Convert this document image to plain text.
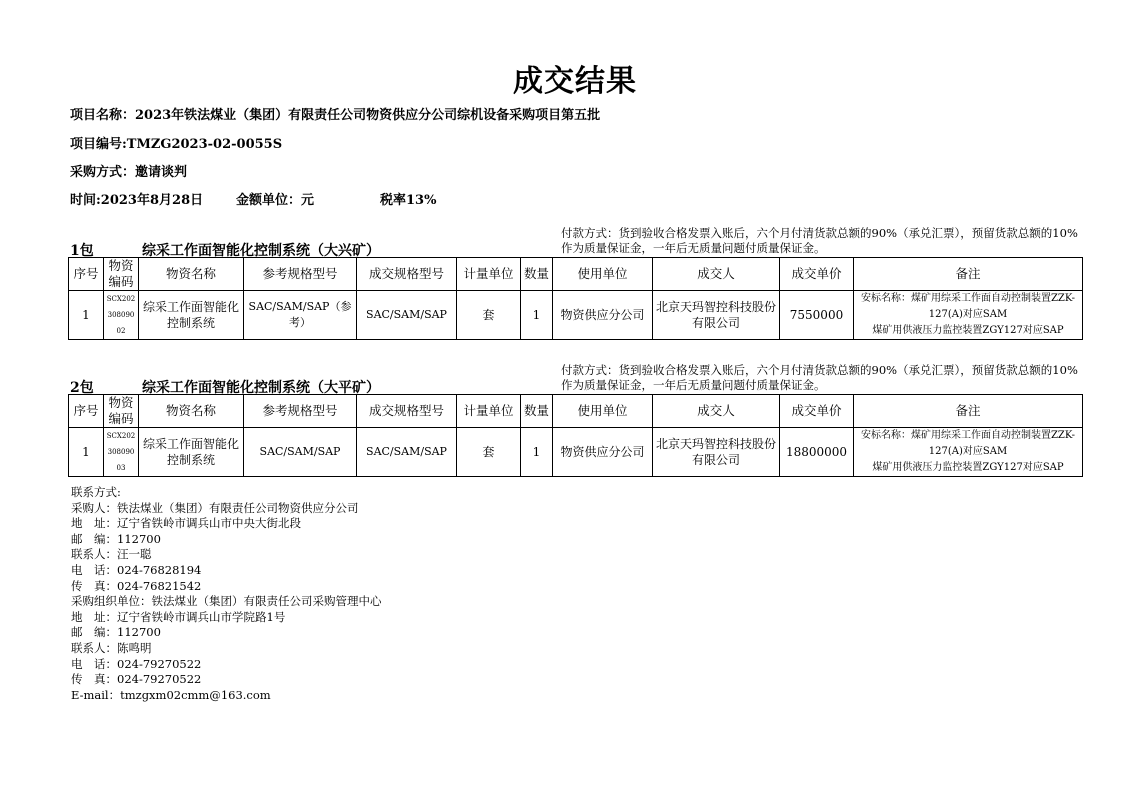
成交结果
项目名称：2023年铁法煤业（集团）有限责任公司物资供应分公司综机设备采购项目第五批
项目编号:TMZG2023-02-0055S
采购方式：邀请谈判
时间:2023年8月28日	金额单位：元	税率13%
1包	综采工作面智能化控制系统（大兴矿）
付款方式：货到验收合格发票入账后，六个月付清货款总额的90%（承兑汇票），预留货款总额的10%作为质量保证金，一年后无质量问题付质量保证金。
序号	物资编码	物资名称	参考规格型号	成交规格型号	计量单位	数量	使用单位	成交人	成交单价	备注
1	SCX20230809002	综采工作面智能化控制系统	SAC/SAM/SAP（参考）	SAC/SAM/SAP	套	1	物资供应分公司	北京天玛智控科技股份有限公司	7550000	安标名称：煤矿用综采工作面自动控制装置ZZK-127(A)对应SAM
煤矿用供液压力监控装置ZGY127对应SAP
2包	综采工作面智能化控制系统（大平矿）
付款方式：货到验收合格发票入账后，六个月付清货款总额的90%（承兑汇票），预留货款总额的10%作为质量保证金，一年后无质量问题付质量保证金。
序号	物资编码	物资名称	参考规格型号	成交规格型号	计量单位	数量	使用单位	成交人	成交单价	备注
1	SCX20230809003	综采工作面智能化控制系统	SAC/SAM/SAP	SAC/SAM/SAP	套	1	物资供应分公司	北京天玛智控科技股份有限公司	18800000	安标名称：煤矿用综采工作面自动控制装置ZZK-127(A)对应SAM
煤矿用供液压力监控装置ZGY127对应SAP
联系方式:
采购人：铁法煤业（集团）有限责任公司物资供应分公司
地　址：辽宁省铁岭市调兵山市中央大街北段
邮　编：112700
联系人：汪一聪
电　话：024-76828194
传　真：024-76821542
采购组织单位：铁法煤业（集团）有限责任公司采购管理中心
地　址：辽宁省铁岭市调兵山市学院路1号
邮　编：112700
联系人：陈鸣明
电　话：024-79270522
传　真：024-79270522
E-mail：tmzgxm02cmm@163.com
